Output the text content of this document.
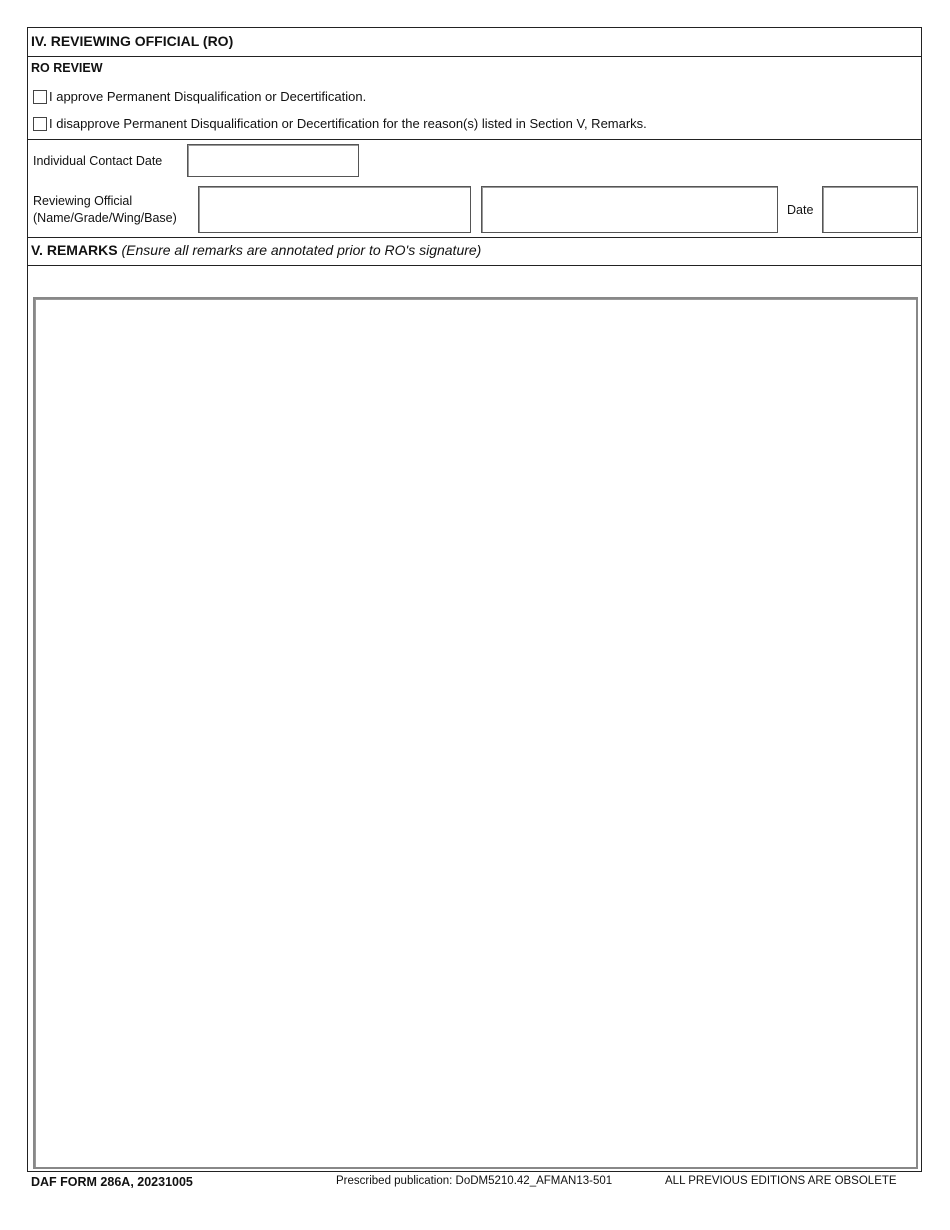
IV. REVIEWING OFFICIAL (RO)
RO REVIEW
I approve Permanent Disqualification or Decertification.
I disapprove Permanent Disqualification or Decertification for the reason(s) listed in Section V, Remarks.
Individual Contact Date
Reviewing Official
(Name/Grade/Wing/Base)
Date
V. REMARKS (Ensure all remarks are annotated prior to RO's signature)
DAF FORM 286A, 20231005	Prescribed publication: DoDM5210.42_AFMAN13-501	ALL PREVIOUS EDITIONS ARE OBSOLETE
